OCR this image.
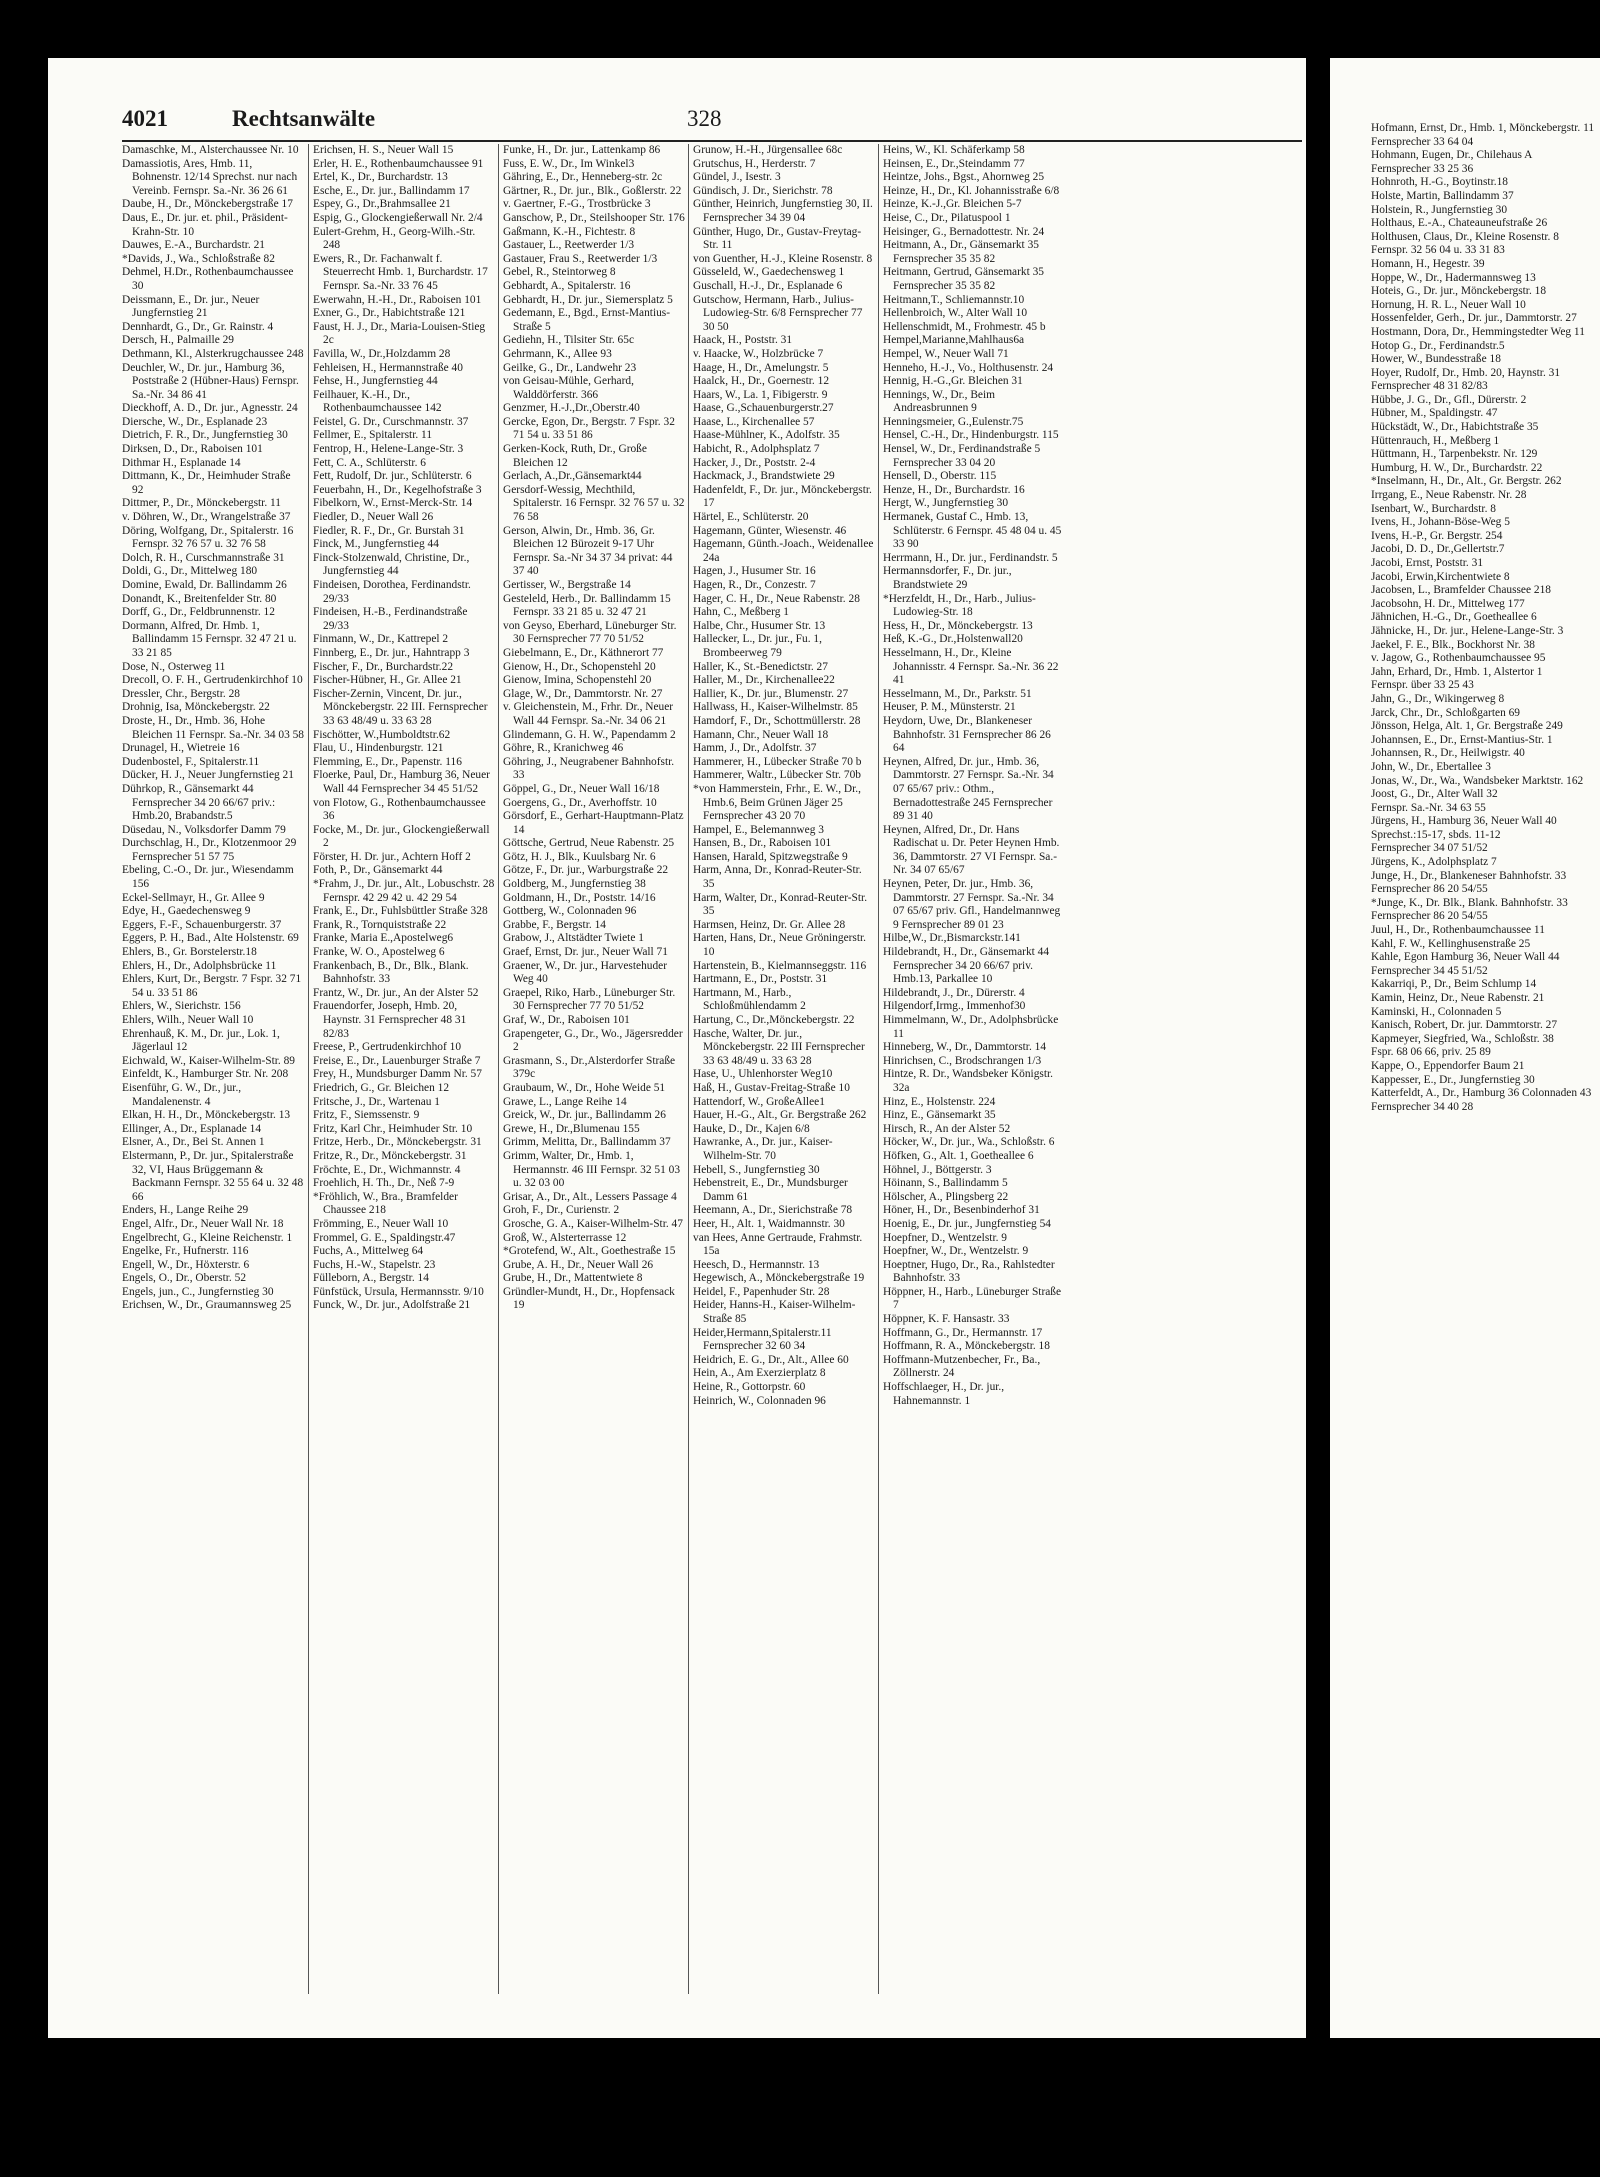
4021	Rechtsanwälte	328

Damaschke, M., Alsterchaussee Nr. 10

Damassiotis, Ares, Hmb. 11, Bohnenstr. 12/14 Sprechst. nur nach Vereinb. Fernspr. Sa.-Nr. 36 26 61

Daube, H., Dr., Mönckebergstraße 17

Daus, E., Dr. jur. et. phil., Präsident-Krahn-Str. 10

Dauwes, E.-A., Burchardstr. 21

*Davids, J., Wa., Schloßstraße 82

Dehmel, H.Dr., Rothenbaumchaussee 30

Deissmann, E., Dr. jur., Neuer Jungfernstieg 21

Dennhardt, G., Dr., Gr. Rainstr. 4

Dersch, H., Palmaille 29

Dethmann, Kl., Alsterkrugchaussee 248

Deuchler, W., Dr. jur., Hamburg 36, Poststraße 2 (Hübner-Haus) Fernspr. Sa.-Nr. 34 86 41

Dieckhoff, A. D., Dr. jur., Agnesstr. 24

Diersche, W., Dr., Esplanade 23

Dietrich, F. R., Dr., Jungfernstieg 30

Dirksen, D., Dr., Raboisen 101

Dithmar H., Esplanade 14

Dittmann, K., Dr., Heimhuder Straße 92

Dittmer, P., Dr., Mönckebergstr. 11

v. Döhren, W., Dr., Wrangelstraße 37

Döring, Wolfgang, Dr., Spitalerstr. 16 Fernspr. 32 76 57 u. 32 76 58

Dolch, R. H., Curschmannstraße 31

Doldi, G., Dr., Mittelweg 180

Domine, Ewald, Dr. Ballindamm 26

Donandt, K., Breitenfelder Str. 80

Dorff, G., Dr., Feldbrunnenstr. 12

Dormann, Alfred, Dr. Hmb. 1, Ballindamm 15 Fernspr. 32 47 21 u. 33 21 85

Dose, N., Osterweg 11

Drecoll, O. F. H., Gertrudenkirchhof 10

Dressler, Chr., Bergstr. 28

Drohnig, Isa, Mönckebergstr. 22

Droste, H., Dr., Hmb. 36, Hohe Bleichen 11 Fernspr. Sa.-Nr. 34 03 58

Drunagel, H., Wietreie 16

Dudenbostel, F., Spitalerstr.11

Dücker, H. J., Neuer Jungfernstieg 21

Dührkop, R., Gänsemarkt 44 Fernsprecher 34 20 66/67 priv.: Hmb.20, Brabandstr.5

Düsedau, N., Volksdorfer Damm 79

Durchschlag, H., Dr., Klotzenmoor 29 Fernsprecher 51 57 75

Ebeling, C.-O., Dr. jur., Wiesendamm 156

Eckel-Sellmayr, H., Gr. Allee 9

Edye, H., Gaedechensweg 9

Eggers, F.-F., Schauenburgerstr. 37

Eggers, P. H., Bad., Alte Holstenstr. 69

Ehlers, B., Gr. Borstelerstr.18

Ehlers, H., Dr., Adolphsbrücke 11

Ehlers, Kurt, Dr., Bergstr. 7 Fspr. 32 71 54 u. 33 51 86

Ehlers, W., Sierichstr. 156

Ehlers, Wilh., Neuer Wall 10

Ehrenhauß, K. M., Dr. jur., Lok. 1, Jägerlaul 12

Eichwald, W., Kaiser-Wilhelm-Str. 89

Einfeldt, K., Hamburger Str. Nr. 208

Eisenführ, G. W., Dr., jur., Mandalenenstr. 4

Elkan, H. H., Dr., Mönckebergstr. 13

Ellinger, A., Dr., Esplanade 14

Elsner, A., Dr., Bei St. Annen 1

Elstermann, P., Dr. jur., Spitalerstraße 32, VI, Haus Brüggemann & Backmann Fernspr. 32 55 64 u. 32 48 66

Enders, H., Lange Reihe 29

Engel, Alfr., Dr., Neuer Wall Nr. 18

Engelbrecht, G., Kleine Reichenstr. 1

Engelke, Fr., Hufnerstr. 116

Engell, W., Dr., Höxterstr. 6

Engels, O., Dr., Oberstr. 52

Engels, jun., C., Jungfernstieg 30

Erichsen, W., Dr., Graumannsweg 25

Erichsen, H. S., Neuer Wall 15

Erler, H. E., Rothenbaumchaussee 91

Ertel, K., Dr., Burchardstr. 13

Esche, E., Dr. jur., Ballindamm 17

Espey, G., Dr.,Brahmsallee 21

Espig, G., Glockengießerwall Nr. 2/4

Eulert-Grehm, H., Georg-Wilh.-Str. 248

Ewers, R., Dr. Fachanwalt f. Steuerrecht Hmb. 1, Burchardstr. 17 Fernspr. Sa.-Nr. 33 76 45

Ewerwahn, H.-H., Dr., Raboisen 101

Exner, G., Dr., Habichtstraße 121

Faust, H. J., Dr., Maria-Louisen-Stieg 2c

Favilla, W., Dr.,Holzdamm 28

Fehleisen, H., Hermannstraße 40

Fehse, H., Jungfernstieg 44

Feilhauer, K.-H., Dr., Rothenbaumchaussee 142

Feistel, G. Dr., Curschmannstr. 37

Fellmer, E., Spitalerstr. 11

Fentrop, H., Helene-Lange-Str. 3

Fett, C. A., Schlüterstr. 6

Fett, Rudolf, Dr. jur., Schlüterstr. 6

Feuerbahn, H., Dr., Kegelhofstraße 3

Fibelkorn, W., Ernst-Merck-Str. 14

Fiedler, D., Neuer Wall 26

Fiedler, R. F., Dr., Gr. Burstah 31

Finck, M., Jungfernstieg 44

Finck-Stolzenwald, Christine, Dr., Jungfernstieg 44

Findeisen, Dorothea, Ferdinandstr. 29/33

Findeisen, H.-B., Ferdinandstraße 29/33

Finmann, W., Dr., Kattrepel 2

Finnberg, E., Dr. jur., Hahntrapp 3

Fischer, F., Dr., Burchardstr.22

Fischer-Hübner, H., Gr. Allee 21

Fischer-Zernin, Vincent, Dr. jur., Mönckebergstr. 22 III. Fernsprecher 33 63 48/49 u. 33 63 28

Fischötter, W.,Humboldtstr.62

Flau, U., Hindenburgstr. 121

Flemming, E., Dr., Papenstr. 116

Floerke, Paul, Dr., Hamburg 36, Neuer Wall 44 Fernsprecher 34 45 51/52

von Flotow, G., Rothenbaumchaussee 36

Focke, M., Dr. jur., Glockengießerwall 2

Förster, H. Dr. jur., Achtern Hoff 2

Foth, P., Dr., Gänsemarkt 44

*Frahm, J., Dr. jur., Alt., Lobuschstr. 28 Fernspr. 42 29 42 u. 42 29 54

Frank, E., Dr., Fuhlsbüttler Straße 328

Frank, R., Tornquiststraße 22

Franke, Maria E.,Apostelweg6

Franke, W. O., Apostelweg 6

Frankenbach, B., Dr., Blk., Blank. Bahnhofstr. 33

Frantz, W., Dr. jur., An der Alster 52

Frauendorfer, Joseph, Hmb. 20, Haynstr. 31 Fernsprecher 48 31 82/83

Freese, P., Gertrudenkirchhof 10

Freise, E., Dr., Lauenburger Straße 7

Frey, H., Mundsburger Damm Nr. 57

Friedrich, G., Gr. Bleichen 12

Fritsche, J., Dr., Wartenau 1

Fritz, F., Siemssenstr. 9

Fritz, Karl Chr., Heimhuder Str. 10

Fritze, Herb., Dr., Mönckebergstr. 31

Fritze, R., Dr., Mönckebergstr. 31

Fröchte, E., Dr., Wichmannstr. 4

Froehlich, H. Th., Dr., Neß 7-9

*Fröhlich, W., Bra., Bramfelder Chaussee 218

Frömming, E., Neuer Wall 10

Frommel, G. E., Spaldingstr.47

Fuchs, A., Mittelweg 64

Fuchs, H.-W., Stapelstr. 23

Fülleborn, A., Bergstr. 14

Fünfstück, Ursula, Hermannsstr. 9/10

Funck, W., Dr. jur., Adolfstraße 21

Funke, H., Dr. jur., Lattenkamp 86

Fuss, E. W., Dr., Im Winkel3

Gähring, E., Dr., Henneberg-str. 2c

Gärtner, R., Dr. jur., Blk., Goßlerstr. 22

v. Gaertner, F.-G., Trostbrücke 3

Ganschow, P., Dr., Steilshooper Str. 176

Gaßmann, K.-H., Fichtestr. 8

Gastauer, L., Reetwerder 1/3

Gastauer, Frau S., Reetwerder 1/3

Gebel, R., Steintorweg 8

Gebhardt, A., Spitalerstr. 16

Gebhardt, H., Dr. jur., Siemersplatz 5

Gedemann, E., Bgd., Ernst-Mantius-Straße 5

Gediehn, H., Tilsiter Str. 65c

Gehrmann, K., Allee 93

Geilke, G., Dr., Landwehr 23

von Geisau-Mühle, Gerhard, Walddörferstr. 366

Genzmer, H.-J.,Dr.,Oberstr.40

Gercke, Egon, Dr., Bergstr. 7 Fspr. 32 71 54 u. 33 51 86

Gerken-Kock, Ruth, Dr., Große Bleichen 12

Gerlach, A.,Dr.,Gänsemarkt44

Gersdorf-Wessig, Mechthild, Spitalerstr. 16 Fernspr. 32 76 57 u. 32 76 58

Gerson, Alwin, Dr., Hmb. 36, Gr. Bleichen 12 Bürozeit 9-17 Uhr Fernspr. Sa.-Nr 34 37 34 privat: 44 37 40

Gertisser, W., Bergstraße 14

Gesteleld, Herb., Dr. Ballindamm 15 Fernspr. 33 21 85 u. 32 47 21

von Geyso, Eberhard, Lüneburger Str. 30 Fernsprecher 77 70 51/52

Giebelmann, E., Dr., Käthnerort 77

Gienow, H., Dr., Schopenstehl 20

Gienow, Imina, Schopenstehl 20

Glage, W., Dr., Dammtorstr. Nr. 27

v. Gleichenstein, M., Frhr. Dr., Neuer Wall 44 Fernspr. Sa.-Nr. 34 06 21

Glindemann, G. H. W., Papendamm 2

Göhre, R., Kranichweg 46

Göhring, J., Neugrabener Bahnhofstr. 33

Göppel, G., Dr., Neuer Wall 16/18

Goergens, G., Dr., Averhoffstr. 10

Görsdorf, E., Gerhart-Hauptmann-Platz 14

Göttsche, Gertrud, Neue Rabenstr. 25

Götz, H. J., Blk., Kuulsbarg Nr. 6

Götze, F., Dr. jur., Warburgstraße 22

Goldberg, M., Jungfernstieg 38

Goldmann, H., Dr., Poststr. 14/16

Gottberg, W., Colonnaden 96

Grabbe, F., Bergstr. 14

Grabow, J., Altstädter Twiete 1

Graef, Ernst, Dr. jur., Neuer Wall 71

Graener, W., Dr. jur., Harvestehuder Weg 40

Graepel, Riko, Harb., Lüneburger Str. 30 Fernsprecher 77 70 51/52

Graf, W., Dr., Raboisen 101

Grapengeter, G., Dr., Wo., Jägersredder 2

Grasmann, S., Dr.,Alsterdorfer Straße 379c

Graubaum, W., Dr., Hohe Weide 51

Grawe, L., Lange Reihe 14

Greick, W., Dr. jur., Ballindamm 26

Grewe, H., Dr.,Blumenau 155

Grimm, Melitta, Dr., Ballindamm 37

Grimm, Walter, Dr., Hmb. 1, Hermannstr. 46 III Fernspr. 32 51 03 u. 32 03 00

Grisar, A., Dr., Alt., Lessers Passage 4

Groh, F., Dr., Curienstr. 2

Grosche, G. A., Kaiser-Wilhelm-Str. 47

Groß, W., Alsterterrasse 12

*Grotefend, W., Alt., Goethestraße 15

Grube, A. H., Dr., Neuer Wall 26

Grube, H., Dr., Mattentwiete 8

Gründler-Mundt, H., Dr., Hopfensack 19

Grunow, H.-H., Jürgensallee 68c

Grutschus, H., Herderstr. 7

Gündel, J., Isestr. 3

Gündisch, J. Dr., Sierichstr. 78

Günther, Heinrich, Jungfernstieg 30, II. Fernsprecher 34 39 04

Günther, Hugo, Dr., Gustav-Freytag-Str. 11

von Guenther, H.-J., Kleine Rosenstr. 8

Güsseleld, W., Gaedechensweg 1

Guschall, H.-J., Dr., Esplanade 6

Gutschow, Hermann, Harb., Julius-Ludowieg-Str. 6/8 Fernsprecher 77 30 50

Haack, H., Poststr. 31

v. Haacke, W., Holzbrücke 7

Haage, H., Dr., Amelungstr. 5

Haalck, H., Dr., Goernestr. 12

Haars, W., La. 1, Fibigerstr. 9

Haase, G.,Schauenburgerstr.27

Haase, L., Kirchenallee 57

Haase-Mühlner, K., Adolfstr. 35

Habicht, R., Adolphsplatz 7

Hacker, J., Dr., Poststr. 2-4

Hackmack, J., Brandstwiete 29

Hadenfeldt, F., Dr. jur., Mönckebergstr. 17

Härtel, E., Schlüterstr. 20

Hagemann, Günter, Wiesenstr. 46

Hagemann, Günth.-Joach., Weidenallee 24a

Hagen, J., Husumer Str. 16

Hagen, R., Dr., Conzestr. 7

Hager, C. H., Dr., Neue Rabenstr. 28

Hahn, C., Meßberg 1

Halbe, Chr., Husumer Str. 13

Hallecker, L., Dr. jur., Fu. 1, Brombeerweg 79

Haller, K., St.-Benedictstr. 27

Haller, M., Dr., Kirchenallee22

Hallier, K., Dr. jur., Blumenstr. 27

Hallwass, H., Kaiser-Wilhelmstr. 85

Hamdorf, F., Dr., Schottmüllerstr. 28

Hamann, Chr., Neuer Wall 18

Hamm, J., Dr., Adolfstr. 37

Hammerer, H., Lübecker Straße 70 b

Hammerer, Waltr., Lübecker Str. 70b

*von Hammerstein, Frhr., E. W., Dr., Hmb.6, Beim Grünen Jäger 25 Fernsprecher 43 20 70

Hampel, E., Belemannweg 3

Hansen, B., Dr., Raboisen 101

Hansen, Harald, Spitzwegstraße 9

Harm, Anna, Dr., Konrad-Reuter-Str. 35

Harm, Walter, Dr., Konrad-Reuter-Str. 35

Harmsen, Heinz, Dr. Gr. Allee 28

Harten, Hans, Dr., Neue Gröningerstr. 10

Hartenstein, B., Kielmannseggstr. 116

Hartmann, E., Dr., Poststr. 31

Hartmann, M., Harb., Schloßmühlendamm 2

Hartung, C., Dr.,Mönckebergstr. 22

Hasche, Walter, Dr. jur., Mönckebergstr. 22 III Fernsprecher 33 63 48/49 u. 33 63 28

Hase, U., Uhlenhorster Weg10

Haß, H., Gustav-Freitag-Straße 10

Hattendorf, W., GroßeAllee1

Hauer, H.-G., Alt., Gr. Bergstraße 262

Hauke, D., Dr., Kajen 6/8

Hawranke, A., Dr. jur., Kaiser-Wilhelm-Str. 70

Hebell, S., Jungfernstieg 30

Hebenstreit, E., Dr., Mundsburger Damm 61

Heemann, A., Dr., Sierichstraße 78

Heer, H., Alt. 1, Waidmannstr. 30

van Hees, Anne Gertraude, Frahmstr. 15a

Heesch, D., Hermannstr. 13

Hegewisch, A., Mönckebergstraße 19

Heidel, F., Papenhuder Str. 28

Heider, Hanns-H., Kaiser-Wilhelm-Straße 85

Heider,Hermann,Spitalerstr.11 Fernsprecher 32 60 34

Heidrich, E. G., Dr., Alt., Allee 60

Hein, A., Am Exerzierplatz 8

Heine, R., Gottorpstr. 60

Heinrich, W., Colonnaden 96

Heins, W., Kl. Schäferkamp 58

Heinsen, E., Dr.,Steindamm 77

Heintze, Johs., Bgst., Ahornweg 25

Heinze, H., Dr., Kl. Johannisstraße 6/8

Heinze, K.-J.,Gr. Bleichen 5-7

Heise, C., Dr., Pilatuspool 1

Heisinger, G., Bernadottestr. Nr. 24

Heitmann, A., Dr., Gänsemarkt 35 Fernsprecher 35 35 82

Heitmann, Gertrud, Gänsemarkt 35 Fernsprecher 35 35 82

Heitmann,T., Schliemannstr.10

Hellenbroich, W., Alter Wall 10

Hellenschmidt, M., Frohmestr. 45 b

Hempel,Marianne,Mahlhaus6a

Hempel, W., Neuer Wall 71

Henneho, H.-J., Vo., Holthusenstr. 24

Hennig, H.-G.,Gr. Bleichen 31

Hennings, W., Dr., Beim Andreasbrunnen 9

Henningsmeier, G.,Eulenstr.75

Hensel, C.-H., Dr., Hindenburgstr. 115

Hensel, W., Dr., Ferdinandstraße 5 Fernsprecher 33 04 20

Hensell, D., Oberstr. 115

Henze, H., Dr., Burchardstr. 16

Hergt, W., Jungfernstieg 30

Hermanek, Gustaf C., Hmb. 13, Schlüterstr. 6 Fernspr. 45 48 04 u. 45 33 90

Herrmann, H., Dr. jur., Ferdinandstr. 5

Hermannsdorfer, F., Dr. jur., Brandstwiete 29

*Herzfeldt, H., Dr., Harb., Julius-Ludowieg-Str. 18

Hess, H., Dr., Mönckebergstr. 13

Heß, K.-G., Dr.,Holstenwall20

Hesselmann, H., Dr., Kleine Johannisstr. 4 Fernspr. Sa.-Nr. 36 22 41

Hesselmann, M., Dr., Parkstr. 51

Heuser, P. M., Münsterstr. 21

Heydorn, Uwe, Dr., Blankeneser Bahnhofstr. 31 Fernsprecher 86 26 64

Heynen, Alfred, Dr. jur., Hmb. 36, Dammtorstr. 27 Fernspr. Sa.-Nr. 34 07 65/67 priv.: Othm., Bernadottestraße 245 Fernsprecher 89 31 40

Heynen, Alfred, Dr., Dr. Hans Radischat u. Dr. Peter Heynen Hmb. 36, Dammtorstr. 27 VI Fernspr. Sa.-Nr. 34 07 65/67

Heynen, Peter, Dr. jur., Hmb. 36, Dammtorstr. 27 Fernspr. Sa.-Nr. 34 07 65/67 priv. Gfl., Handelmannweg 9 Fernsprecher 89 01 23

Hilbe,W., Dr.,Bismarckstr.141

Hildebrandt, H., Dr., Gänsemarkt 44 Fernsprecher 34 20 66/67 priv. Hmb.13, Parkallee 10

Hildebrandt, J., Dr., Dürerstr. 4

Hilgendorf,Irmg., Immenhof30

Himmelmann, W., Dr., Adolphsbrücke 11

Hinneberg, W., Dr., Dammtorstr. 14

Hinrichsen, C., Brodschrangen 1/3

Hintze, R. Dr., Wandsbeker Königstr. 32a

Hinz, E., Holstenstr. 224

Hinz, E., Gänsemarkt 35

Hirsch, R., An der Alster 52

Höcker, W., Dr. jur., Wa., Schloßstr. 6

Höfken, G., Alt. 1, Goetheallee 6

Höhnel, J., Böttgerstr. 3

Höinann, S., Ballindamm 5

Hölscher, A., Plingsberg 22

Höner, H., Dr., Besenbinderhof 31

Hoenig, E., Dr. jur., Jungfernstieg 54

Hoepfner, D., Wentzelstr. 9

Hoepfner, W., Dr., Wentzelstr. 9

Hoeptner, Hugo, Dr., Ra., Rahlstedter Bahnhofstr. 33

Höppner, H., Harb., Lüneburger Straße 7

Höppner, K. F. Hansastr. 33

Hoffmann, G., Dr., Hermannstr. 17

Hoffmann, R. A., Mönckebergstr. 18

Hoffmann-Mutzenbecher, Fr., Ba., Zöllnerstr. 24

Hoffschlaeger, H., Dr. jur., Hahnemannstr. 1

Hofmann, Ernst, Dr., Hmb. 1, Mönckebergstr. 11

Fernsprecher 33 64 04

Hohmann, Eugen, Dr., Chilehaus A

Fernsprecher 33 25 36

Hohnroth, H.-G., Boytinstr.18

Holste, Martin, Ballindamm 37

Holstein, R., Jungfernstieg 30

Holthaus, E.-A., Chateauneufstraße 26

Holthusen, Claus, Dr., Kleine Rosenstr. 8

Fernspr. 32 56 04 u. 33 31 83

Homann, H., Hegestr. 39

Hoppe, W., Dr., Hadermannsweg 13

Hoteis, G., Dr. jur., Mönckebergstr. 18

Hornung, H. R. L., Neuer Wall 10

Hossenfelder, Gerh., Dr. jur., Dammtorstr. 27

Hostmann, Dora, Dr., Hemmingstedter Weg 11

Hotop G., Dr., Ferdinandstr.5

Hower, W., Bundesstraße 18

Hoyer, Rudolf, Dr., Hmb. 20, Haynstr. 31

Fernsprecher 48 31 82/83

Hübbe, J. G., Dr., Gfl., Dürerstr. 2

Hübner, M., Spaldingstr. 47

Hückstädt, W., Dr., Habichtstraße 35

Hüttenrauch, H., Meßberg 1

Hüttmann, H., Tarpenbekstr. Nr. 129

Humburg, H. W., Dr., Burchardstr. 22

*Inselmann, H., Dr., Alt., Gr. Bergstr. 262

Irrgang, E., Neue Rabenstr. Nr. 28

Isenbart, W., Burchardstr. 8

Ivens, H., Johann-Böse-Weg 5

Ivens, H.-P., Gr. Bergstr. 254

Jacobi, D. D., Dr.,Gellertstr.7

Jacobi, Ernst, Poststr. 31

Jacobi, Erwin,Kirchentwiete 8

Jacobsen, L., Bramfelder Chaussee 218

Jacobsohn, H. Dr., Mittelweg 177

Jähnichen, H.-G., Dr., Goetheallee 6

Jähnicke, H., Dr. jur., Helene-Lange-Str. 3

Jaekel, F. E., Blk., Bockhorst Nr. 38

v. Jagow, G., Rothenbaumchaussee 95

Jahn, Erhard, Dr., Hmb. 1, Alstertor 1

Fernspr. über 33 25 43

Jahn, G., Dr., Wikingerweg 8

Jarck, Chr., Dr., Schloßgarten 69

Jönsson, Helga, Alt. 1, Gr. Bergstraße 249

Johannsen, E., Dr., Ernst-Mantius-Str. 1

Johannsen, R., Dr., Heilwigstr. 40

John, W., Dr., Ebertallee 3

Jonas, W., Dr., Wa., Wandsbeker Marktstr. 162

Joost, G., Dr., Alter Wall 32

Fernspr. Sa.-Nr. 34 63 55

Jürgens, H., Hamburg 36, Neuer Wall 40

Sprechst.:15-17, sbds. 11-12

Fernsprecher 34 07 51/52

Jürgens, K., Adolphsplatz 7

Junge, H., Dr., Blankeneser Bahnhofstr. 33

Fernsprecher 86 20 54/55

*Junge, K., Dr. Blk., Blank. Bahnhofstr. 33

Fernsprecher 86 20 54/55

Juul, H., Dr., Rothenbaumchaussee 11

Kahl, F. W., Kellinghusenstraße 25

Kahle, Egon Hamburg 36, Neuer Wall 44

Fernsprecher 34 45 51/52

Kakarriqi, P., Dr., Beim Schlump 14

Kamin, Heinz, Dr., Neue Rabenstr. 21

Kaminski, H., Colonnaden 5

Kanisch, Robert, Dr. jur. Dammtorstr. 27

Kapmeyer, Siegfried, Wa., Schloßstr. 38

Fspr. 68 06 66, priv. 25 89

Kappe, O., Eppendorfer Baum 21

Kappesser, E., Dr., Jungfernstieg 30

Katterfeldt, A., Dr., Hamburg 36 Colonnaden 43

Fernsprecher 34 40 28
